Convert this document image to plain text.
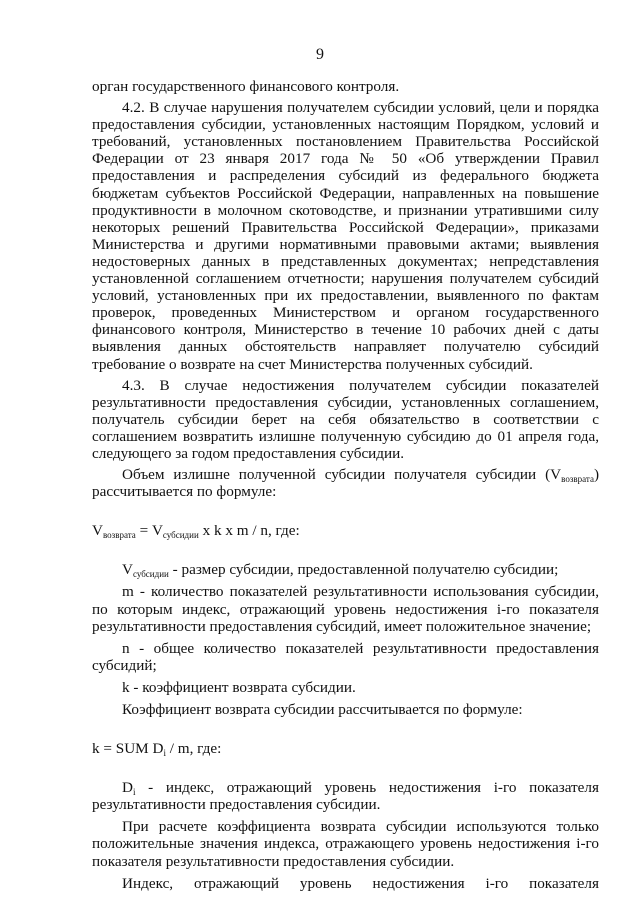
9

орган государственного финансового контроля.

4.2. В случае нарушения получателем субсидии условий, цели и порядка предоставления субсидии, установленных настоящим Порядком, условий и требований, установленных постановлением Правительства Российской Федерации от 23 января 2017 года № 50 «Об утверждении Правил предоставления и распределения субсидий из федерального бюджета бюджетам субъектов Российской Федерации, направленных на повышение продуктивности в молочном скотоводстве, и признании утратившими силу некоторых решений Правительства Российской Федерации», приказами Министерства и другими нормативными правовыми актами; выявления недостоверных данных в представленных документах; непредставления установленной соглашением отчетности; нарушения получателем субсидий условий, установленных при их предоставлении, выявленного по фактам проверок, проведенных Министерством и органом государственного финансового контроля, Министерство в течение 10 рабочих дней с даты выявления данных обстоятельств направляет получателю субсидий требование о возврате на счет Министерства полученных субсидий.

4.3. В случае недостижения получателем субсидии показателей результативности предоставления субсидии, установленных соглашением, получатель субсидии берет на себя обязательство в соответствии с соглашением возвратить излишне полученную субсидию до 01 апреля года, следующего за годом предоставления субсидии.

Объем излишне полученной субсидии получателя субсидии $(V_{возврата})$ рассчитывается по формуле:

$V_{возврата} = V_{субсидии}$ x k x m / n, где:

$V_{субсидии}$ - размер субсидии, предоставленной получателю субсидии;

m - количество показателей результативности использования субсидии, по которым индекс, отражающий уровень недостижения i-го показателя результативности предоставления субсидий, имеет положительное значение;

n - общее количество показателей результативности предоставления субсидий;

k - коэффициент возврата субсидии.

Коэффициент возврата субсидии рассчитывается по формуле:

k = SUM $D_i$ / m, где:

$D_i$ - индекс, отражающий уровень недостижения i-го показателя результативности предоставления субсидии.

При расчете коэффициента возврата субсидии используются только положительные значения индекса, отражающего уровень недостижения i-го показателя результативности предоставления субсидии.

Индекс, отражающий уровень недостижения i-го показателя
